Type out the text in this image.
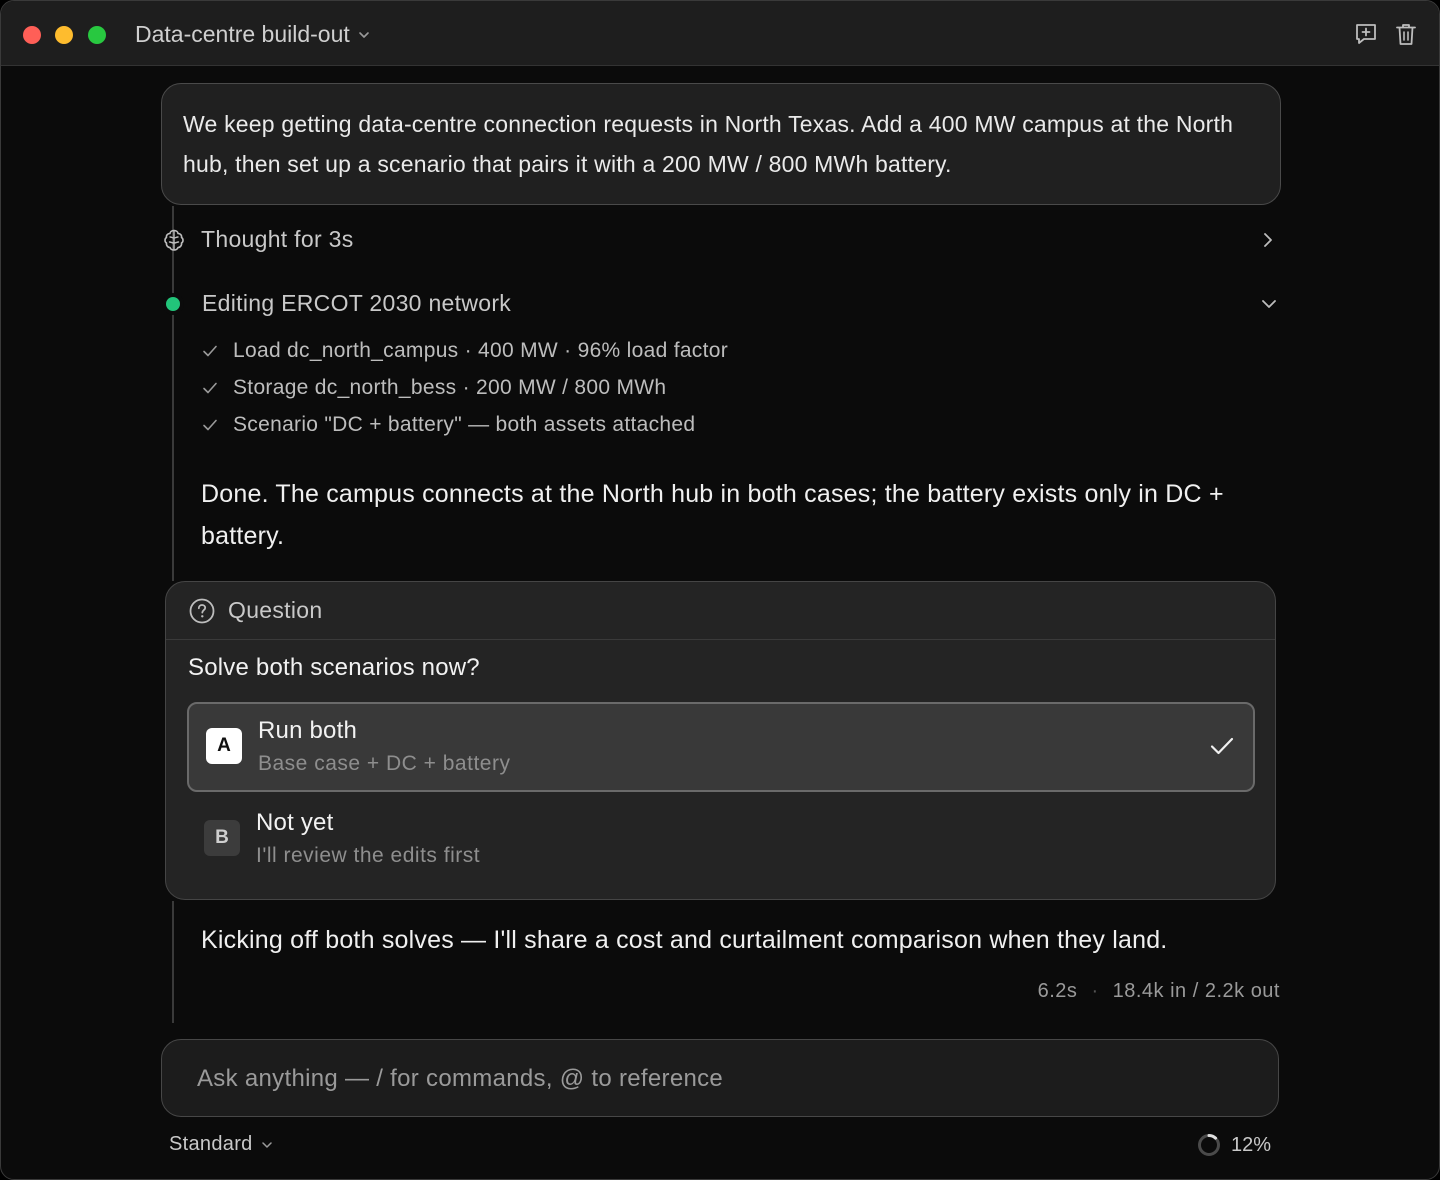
Data-centre build-out
We keep getting data-centre connection requests in North Texas. Add a 400 MW campus at the North hub, then set up a scenario that pairs it with a 200 MW / 800 MWh battery.
Thought for 3s
Editing ERCOT 2030 network
Load dc_north_campus · 400 MW · 96% load factor
Storage dc_north_bess · 200 MW / 800 MWh
Scenario "DC + battery" — both assets attached
Done. The campus connects at the North hub in both cases; the battery exists only in DC + battery.
Question
Solve both scenarios now?
A
Run both
Base case + DC + battery
B
Not yet
I'll review the edits first
Kicking off both solves — I'll share a cost and curtailment comparison when they land.
6.2s · 18.4k in / 2.2k out
Ask anything — / for commands, @ to reference
Standard	12%
